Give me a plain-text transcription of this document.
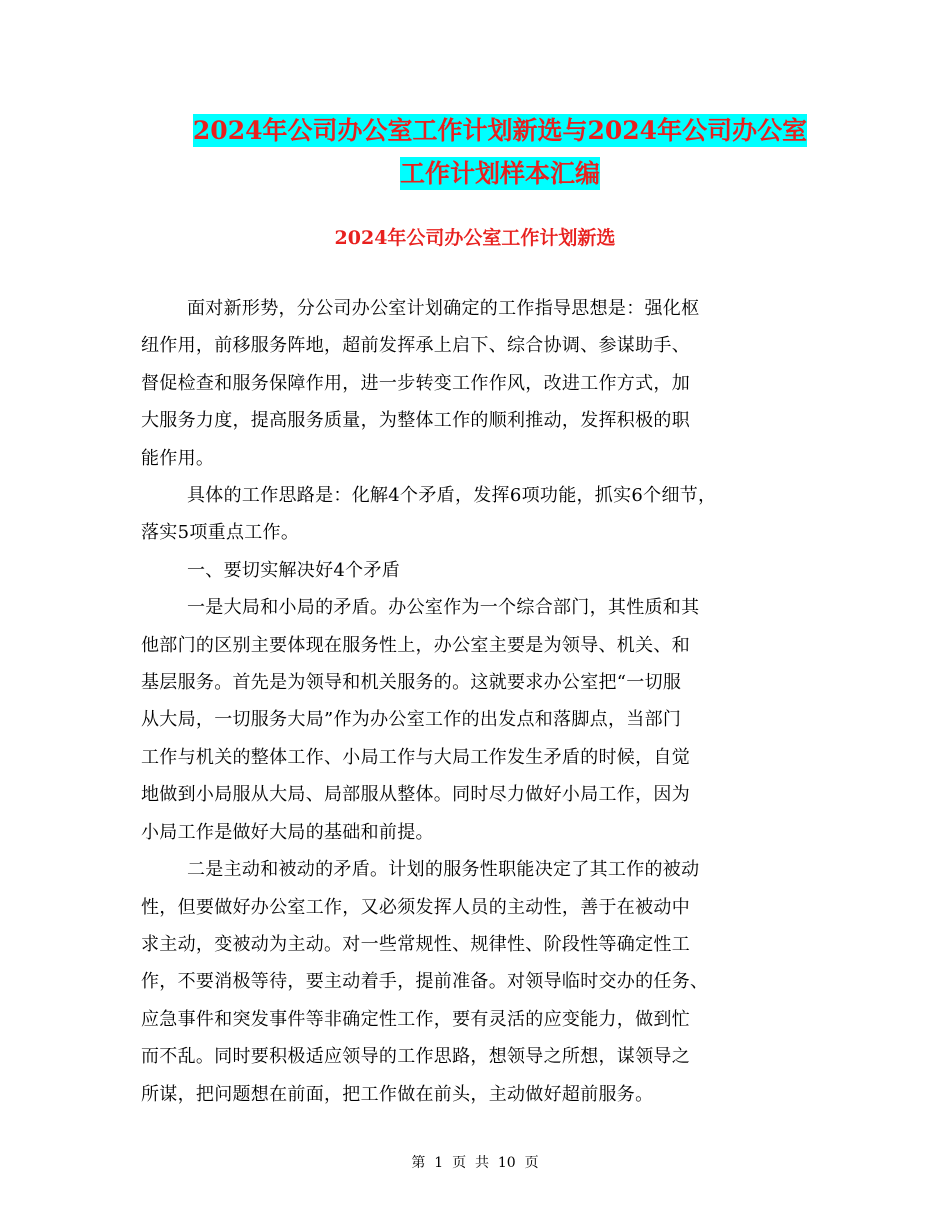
2024年公司办公室工作计划新选与2024年公司办公室
工作计划样本汇编
2024年公司办公室工作计划新选

面对新形势，分公司办公室计划确定的工作指导思想是：强化枢
纽作用，前移服务阵地，超前发挥承上启下、综合协调、参谋助手、
督促检查和服务保障作用，进一步转变工作作风，改进工作方式，加
大服务力度，提高服务质量，为整体工作的顺利推动，发挥积极的职
能作用。

具体的工作思路是：化解4个矛盾，发挥6项功能，抓实6个细节，
落实5项重点工作。

一、要切实解决好4个矛盾

一是大局和小局的矛盾。办公室作为一个综合部门，其性质和其
他部门的区别主要体现在服务性上，办公室主要是为领导、机关、和
基层服务。首先是为领导和机关服务的。这就要求办公室把“一切服
从大局，一切服务大局”作为办公室工作的出发点和落脚点，当部门
工作与机关的整体工作、小局工作与大局工作发生矛盾的时候，自觉
地做到小局服从大局、局部服从整体。同时尽力做好小局工作，因为
小局工作是做好大局的基础和前提。

二是主动和被动的矛盾。计划的服务性职能决定了其工作的被动
性，但要做好办公室工作，又必须发挥人员的主动性，善于在被动中
求主动，变被动为主动。对一些常规性、规律性、阶段性等确定性工
作，不要消极等待，要主动着手，提前准备。对领导临时交办的任务、
应急事件和突发事件等非确定性工作，要有灵活的应变能力，做到忙
而不乱。同时要积极适应领导的工作思路，想领导之所想，谋领导之
所谋，把问题想在前面，把工作做在前头，主动做好超前服务。

第  1  页  共  10  页
